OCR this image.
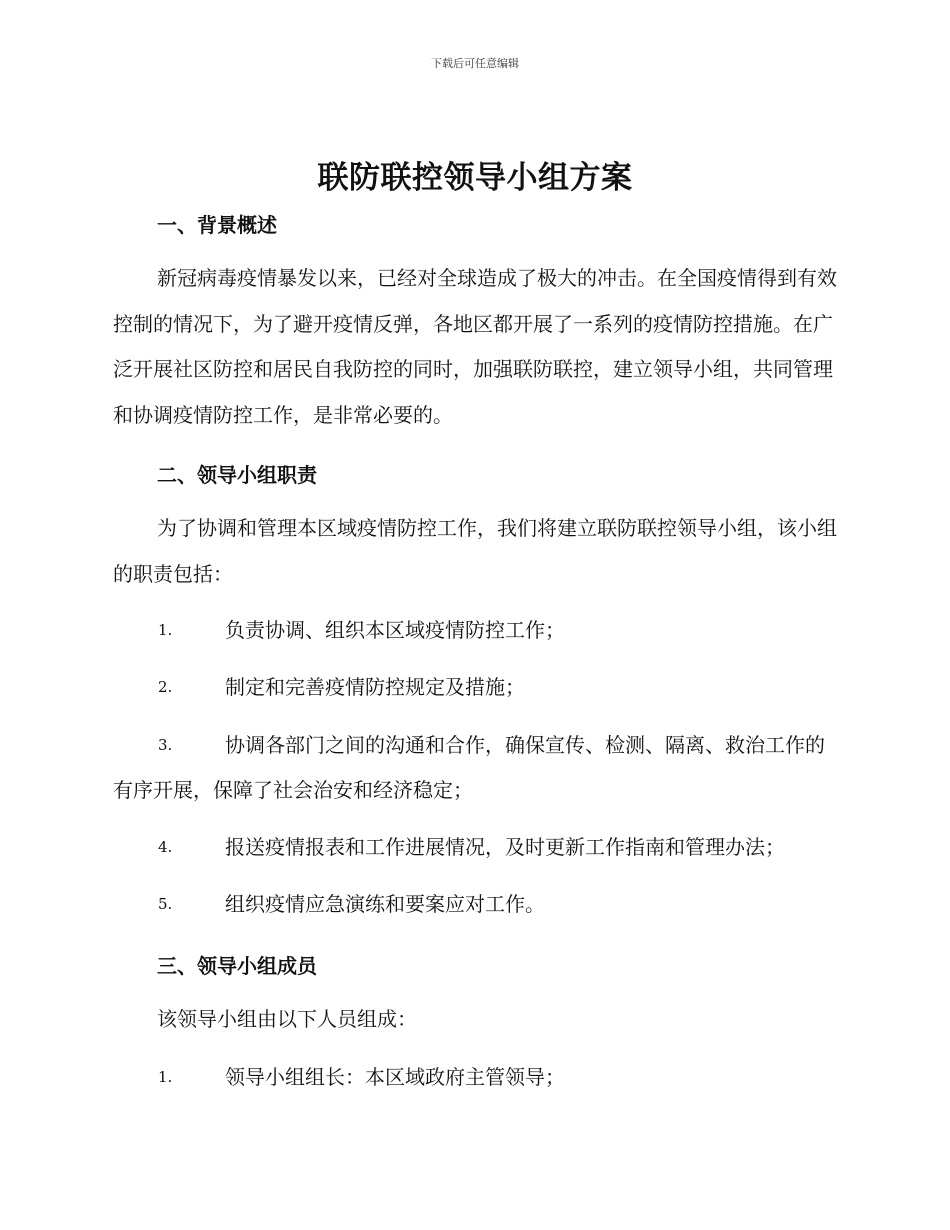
下载后可任意编辑
联防联控领导小组方案
一、背景概述
新冠病毒疫情暴发以来，已经对全球造成了极大的冲击。在全国疫情得到有效控制的情况下，为了避开疫情反弹，各地区都开展了一系列的疫情防控措施。在广泛开展社区防控和居民自我防控的同时，加强联防联控，建立领导小组，共同管理和协调疫情防控工作，是非常必要的。
二、领导小组职责
为了协调和管理本区域疫情防控工作，我们将建立联防联控领导小组，该小组的职责包括：
1.	负责协调、组织本区域疫情防控工作；
2.	制定和完善疫情防控规定及措施；
3.	协调各部门之间的沟通和合作，确保宣传、检测、隔离、救治工作的有序开展，保障了社会治安和经济稳定；
4.	报送疫情报表和工作进展情况，及时更新工作指南和管理办法；
5.	组织疫情应急演练和要案应对工作。
三、领导小组成员
该领导小组由以下人员组成：
1.	领导小组组长：本区域政府主管领导；
